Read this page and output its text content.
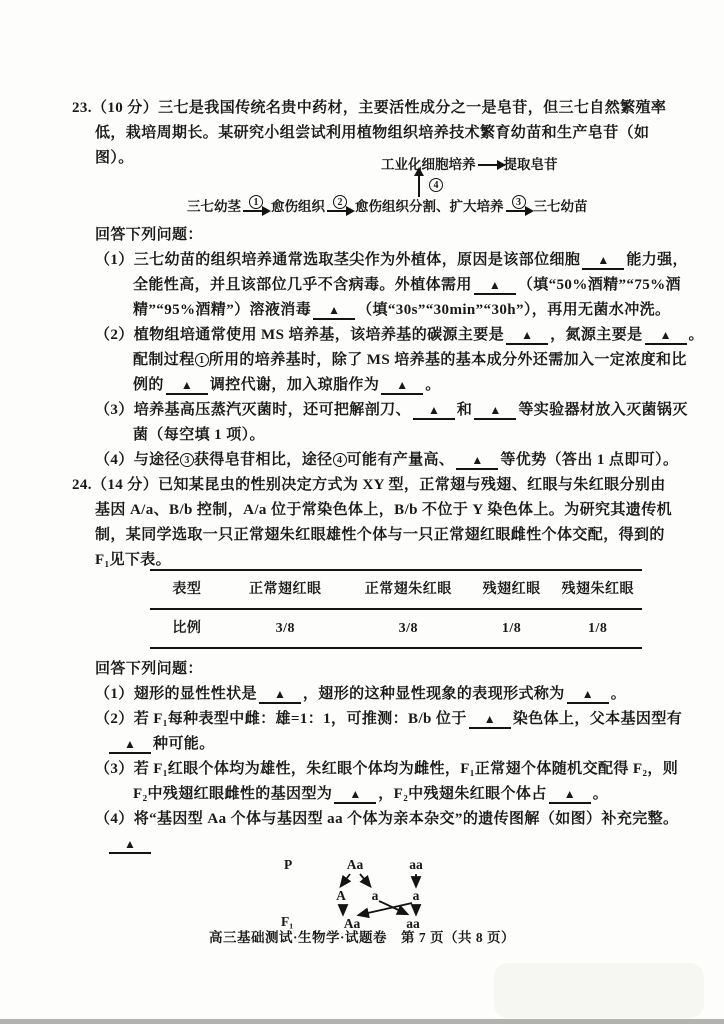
23.（10 分）三七是我国传统名贵中药材，主要活性成分之一是皂苷，但三七自然繁殖率
低，栽培周期长。某研究小组尝试利用植物组织培养技术繁育幼苗和生产皂苷（如
图）。	工业化细胞培养 提取皂苷
4
三七幼茎	1 愈伤组织	2 愈伤组织分割、扩大培养	3 三七幼苗
回答下列问题：
（1）三七幼苗的组织培养通常选取茎尖作为外植体，原因是该部位细胞 ▲ 能力强，
全能性高，并且该部位几乎不含病毒。外植体需用 ▲ （填“50%酒精”“75%酒
精”“95%酒精”）溶液消毒 ▲ （填“30s”“30min”“30h”），再用无菌水冲洗。
（2）植物组培通常使用 MS 培养基，该培养基的碳源主要是 ▲ ，氮源主要是 ▲ 。
配制过程 1 所用的培养基时，除了 MS 培养基的基本成分外还需加入一定浓度和比
例的 ▲ 调控代谢，加入琼脂作为 ▲ 。
（3）培养基高压蒸汽灭菌时，还可把解剖刀、 ▲ 和 ▲ 等实验器材放入灭菌锅灭
菌（每空填 1 项）。
（4）与途径 3 获得皂苷相比，途径 4 可能有产量高、 ▲ 等优势（答出 1 点即可）。
24.（14 分）已知某昆虫的性别决定方式为 XY 型，正常翅与残翅、红眼与朱红眼分别由
基因 A/a、B/b 控制，A/a 位于常染色体上，B/b 不位于 Y 染色体上。为研究其遗传机
制，某同学选取一只正常翅朱红眼雄性个体与一只正常翅红眼雌性个体交配，得到的
F₁见下表。
表型	正常翅红眼	正常翅朱红眼	残翅红眼	残翅朱红眼
比例	3/8	3/8	1/8	1/8
回答下列问题：
（1）翅形的显性性状是 ▲ ，翅形的这种显性现象的表现形式称为 ▲ 。
（2）若 F₁每种表型中雌：雄=1：1，可推测：B/b 位于 ▲ 染色体上，父本基因型有
▲ 种可能。
（3）若 F₁红眼个体均为雄性，朱红眼个体均为雌性，F₁正常翅个体随机交配得 F₂，则
F₂中残翅红眼雌性的基因型为 ▲ ，F₂中残翅朱红眼个体占 ▲ 。
（4）将“基因型 Aa 个体与基因型 aa 个体为亲本杂交”的遗传图解（如图）补充完整。
▲
P	Aa	aa
A a	a
F₁	Aa	aa
高三基础测试·生物学·试题卷　第 7 页（共 8 页）
